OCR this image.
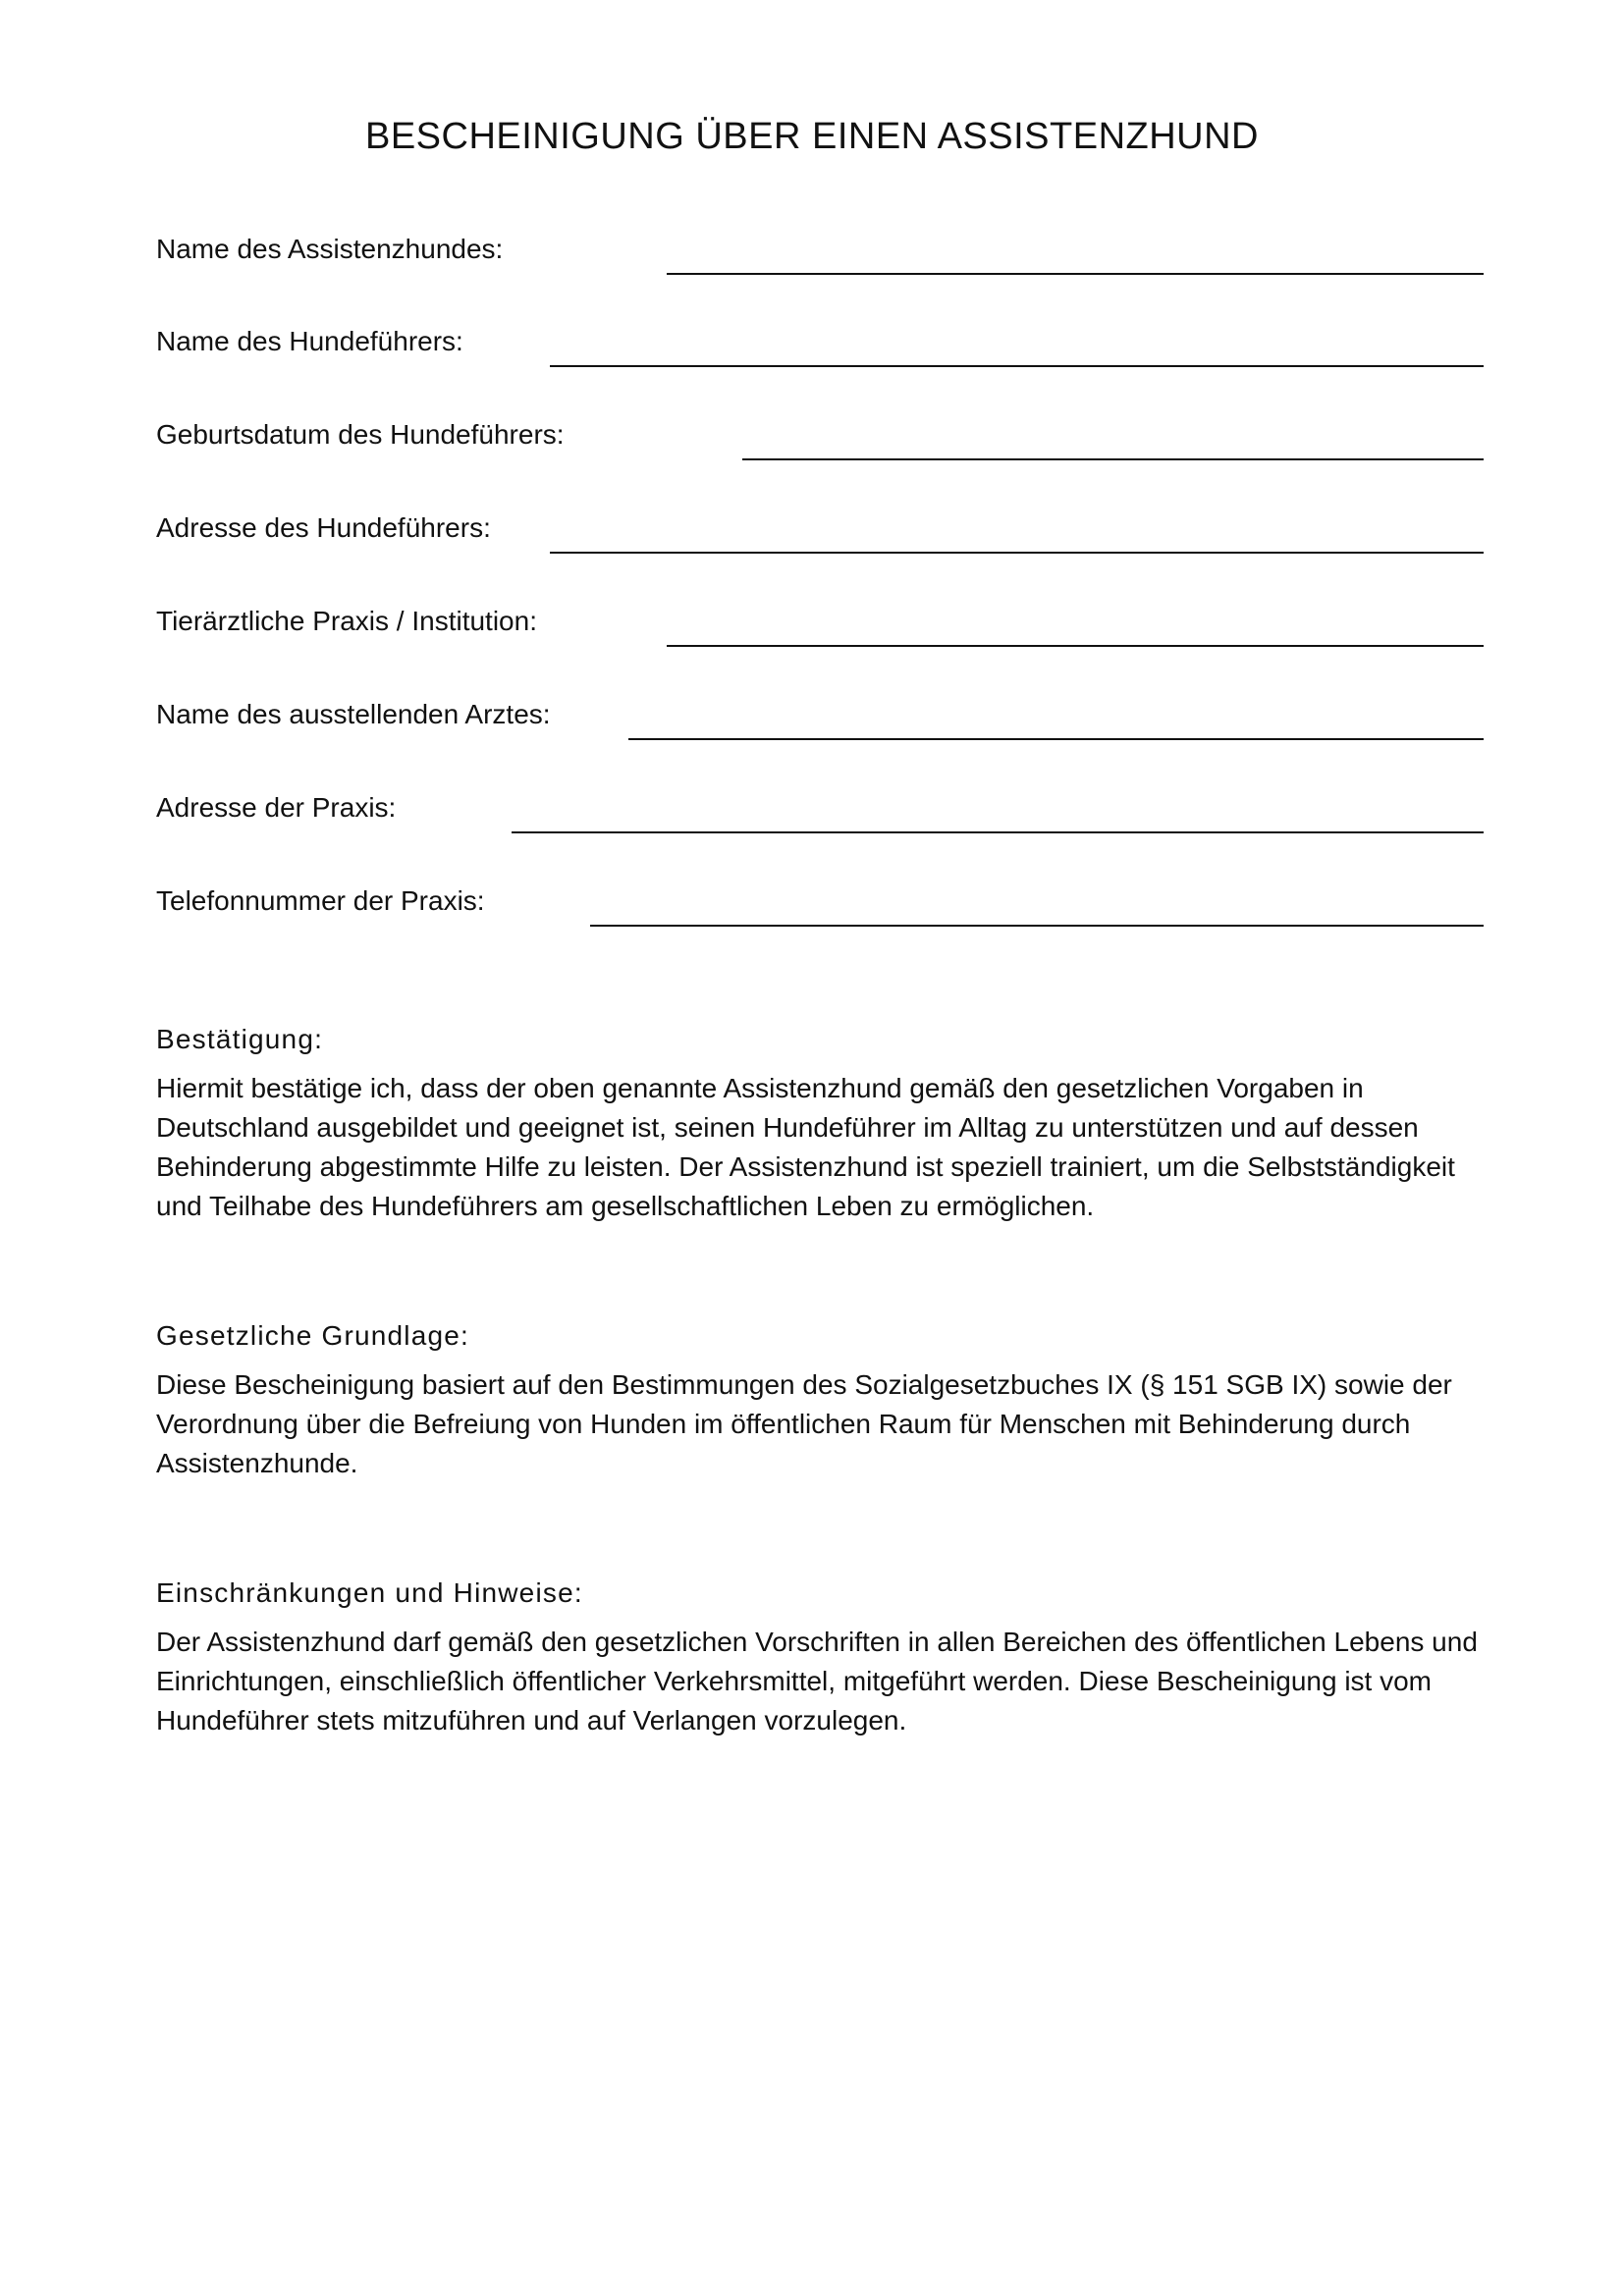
BESCHEINIGUNG ÜBER EINEN ASSISTENZHUND
Name des Assistenzhundes:
Name des Hundeführers:
Geburtsdatum des Hundeführers:
Adresse des Hundeführers:
Tierärztliche Praxis / Institution:
Name des ausstellenden Arztes:
Adresse der Praxis:
Telefonnummer der Praxis:
Bestätigung:

Hiermit bestätige ich, dass der oben genannte Assistenzhund gemäß den gesetzlichen Vorgaben in Deutschland ausgebildet und geeignet ist, seinen Hundeführer im Alltag zu unterstützen und auf dessen Behinderung abgestimmte Hilfe zu leisten. Der Assistenzhund ist speziell trainiert, um die Selbstständigkeit und Teilhabe des Hundeführers am gesellschaftlichen Leben zu ermöglichen.

Gesetzliche Grundlage:

Diese Bescheinigung basiert auf den Bestimmungen des Sozialgesetzbuches IX (§ 151 SGB IX) sowie der Verordnung über die Befreiung von Hunden im öffentlichen Raum für Menschen mit Behinderung durch Assistenzhunde.

Einschränkungen und Hinweise:

Der Assistenzhund darf gemäß den gesetzlichen Vorschriften in allen Bereichen des öffentlichen Lebens und Einrichtungen, einschließlich öffentlicher Verkehrsmittel, mitgeführt werden. Diese Bescheinigung ist vom Hundeführer stets mitzuführen und auf Verlangen vorzulegen.
